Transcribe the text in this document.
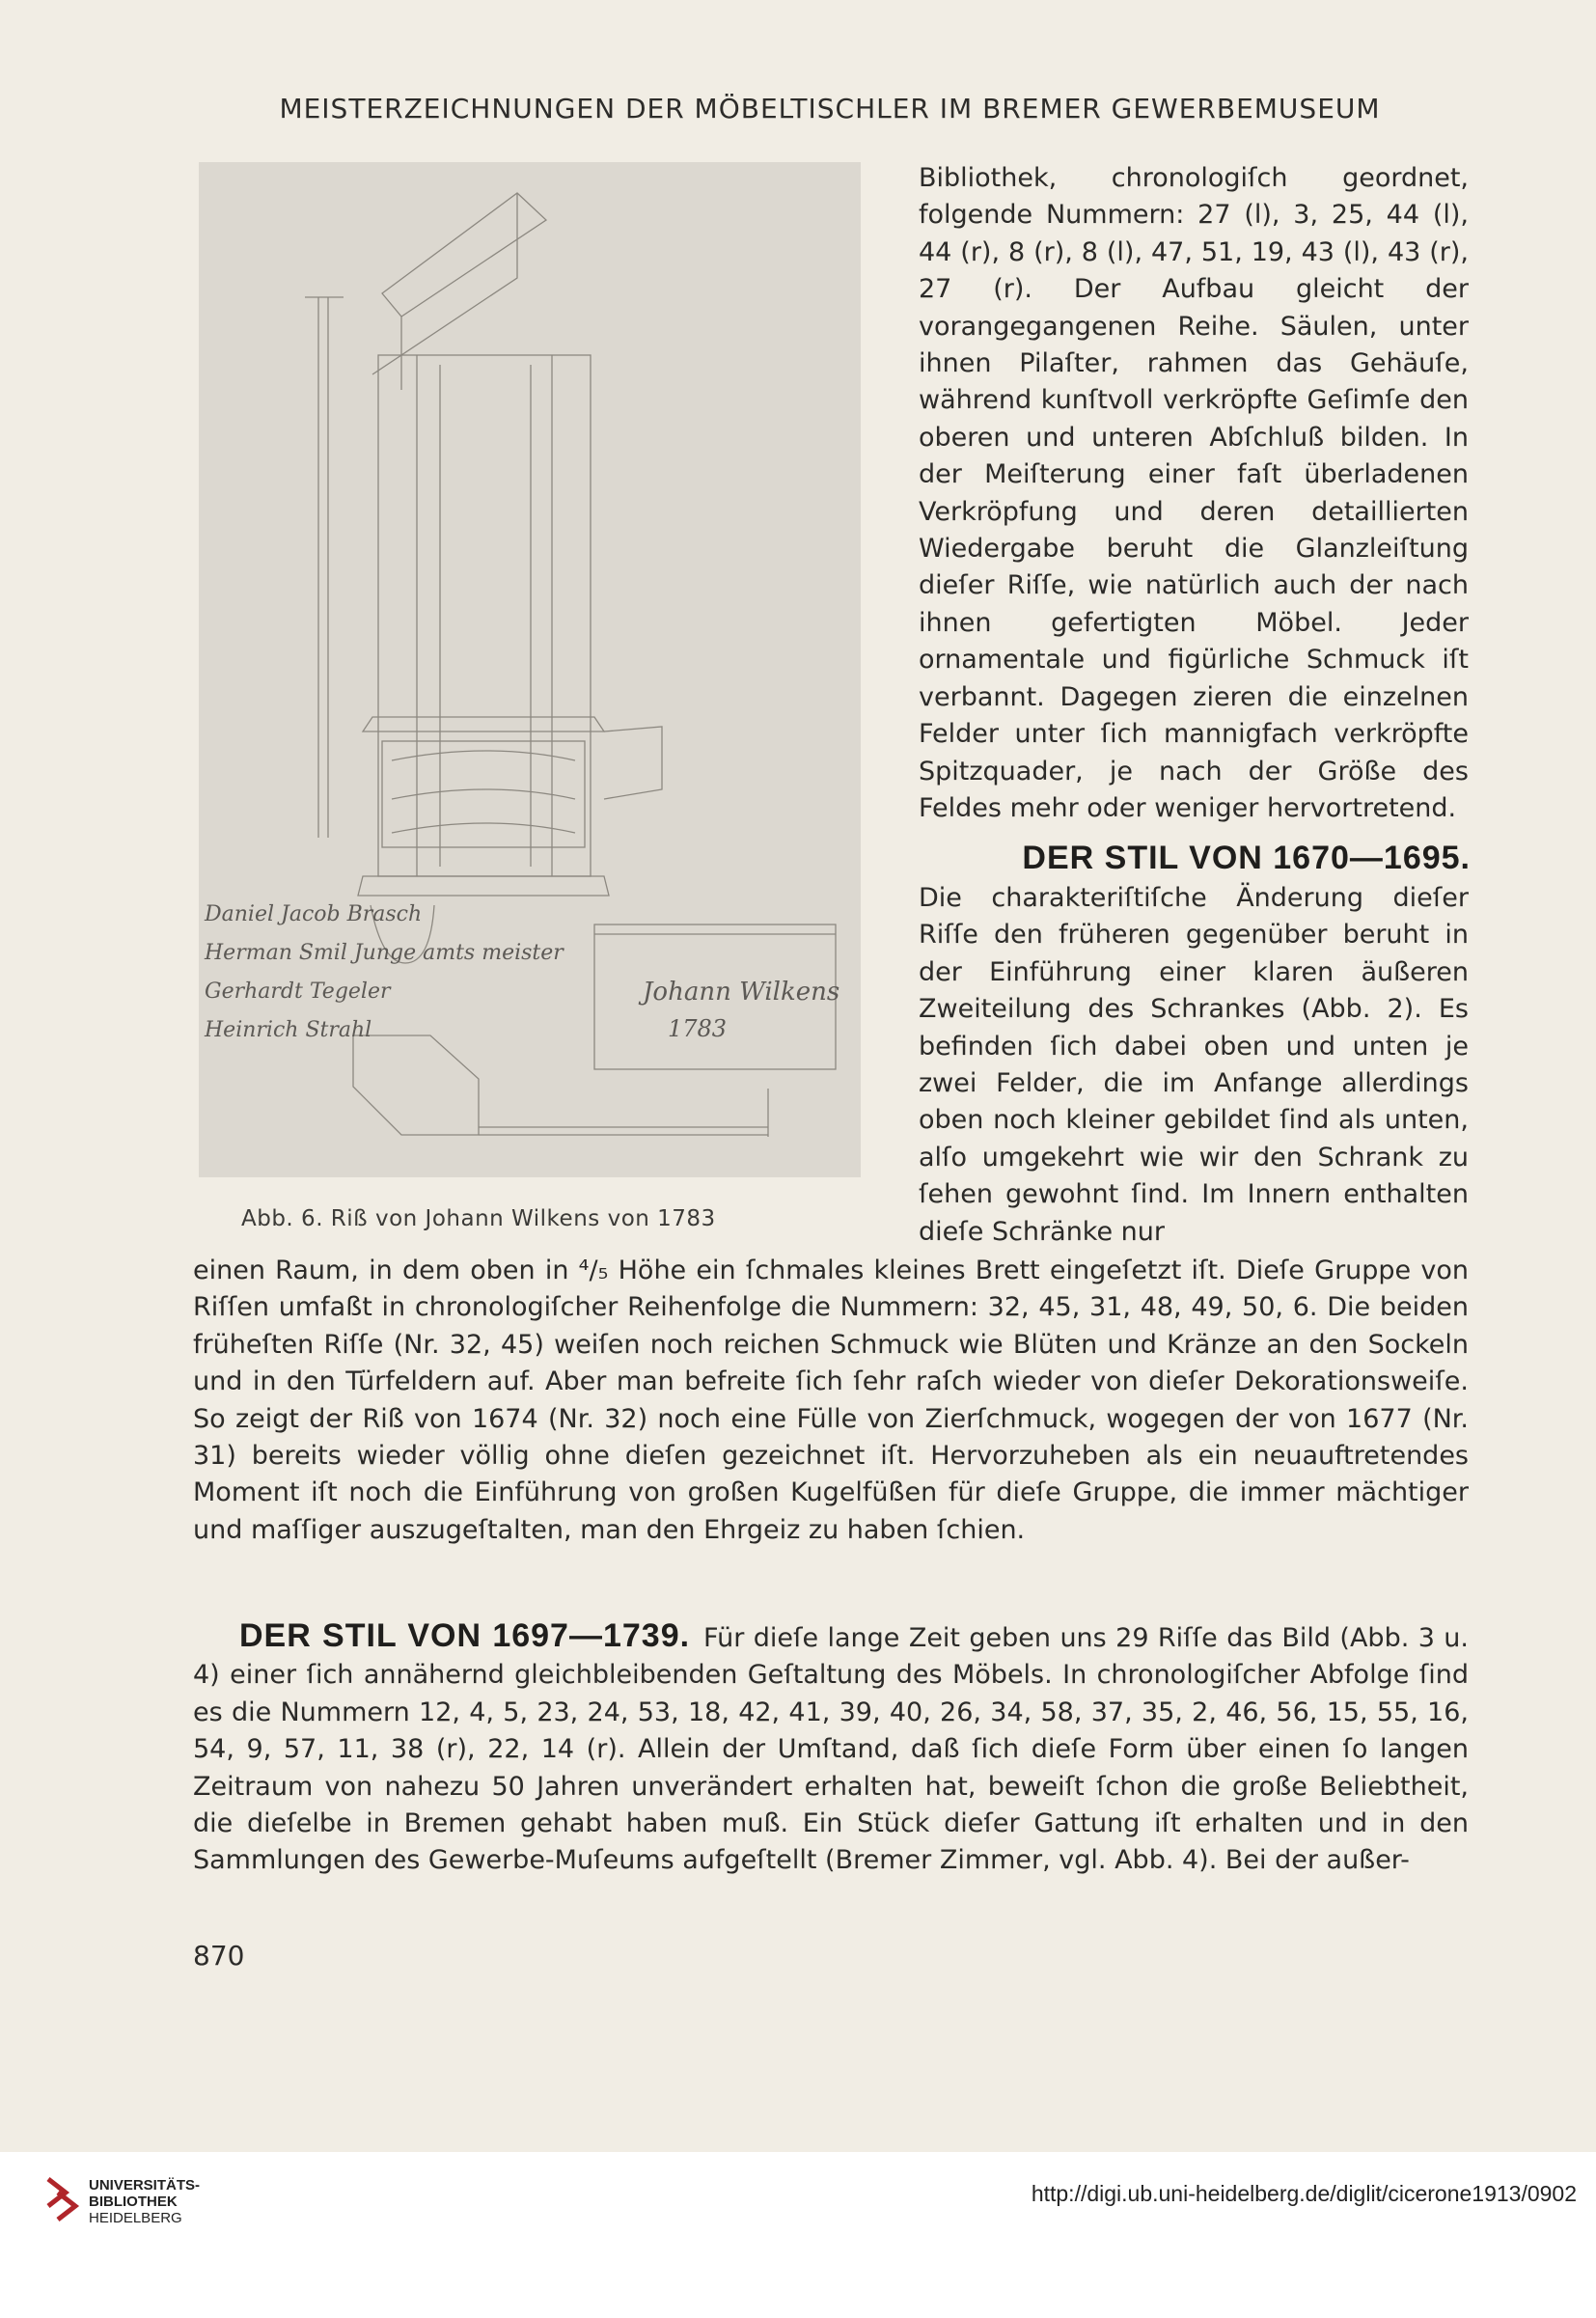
MEISTERZEICHNUNGEN DER MÖBELTISCHLER IM BREMER GEWERBEMUSEUM
Daniel Jacob Brasch
Herman Smil Junge amts meister
Gerhardt Tegeler
Heinrich Strahl
Johann Wilkens
1783
Abb. 6. Riß von Johann Wilkens von 1783

Bibliothek, chronologiſch geordnet, folgende Nummern: 27 (l), 3, 25, 44 (l), 44 (r), 8 (r), 8 (l), 47, 51, 19, 43 (l), 43 (r), 27 (r). Der Aufbau gleicht der vorangegangenen Reihe. Säulen, unter ihnen Pilaſter, rahmen das Gehäuſe, während kunſtvoll verkröpfte Geſimſe den oberen und unteren Abſchluß bilden. In der Meiſterung einer faſt überladenen Verkröpfung und deren detaillierten Wiedergabe beruht die Glanzleiſtung dieſer Riſſe, wie natürlich auch der nach ihnen gefertigten Möbel. Jeder ornamentale und figürliche Schmuck iſt verbannt. Dagegen zieren die einzelnen Felder unter ſich mannigfach verkröpfte Spitzquader, je nach der Größe des Feldes mehr oder weniger hervortretend.

DER STIL VON 1670—1695.

Die charakteriſtiſche Änderung dieſer Riſſe den früheren gegenüber beruht in der Einführung einer klaren äußeren Zweiteilung des Schrankes (Abb. 2). Es befinden ſich dabei oben und unten je zwei Felder, die im Anfange allerdings oben noch kleiner gebildet ſind als unten, alſo umgekehrt wie wir den Schrank zu ſehen gewohnt ſind. Im Innern enthalten dieſe Schränke nur

einen Raum, in dem oben in ⁴/₅ Höhe ein ſchmales kleines Brett eingeſetzt iſt. Dieſe Gruppe von Riſſen umfaßt in chronologiſcher Reihenfolge die Nummern: 32, 45, 31, 48, 49, 50, 6. Die beiden früheſten Riſſe (Nr. 32, 45) weiſen noch reichen Schmuck wie Blüten und Kränze an den Sockeln und in den Türfeldern auf. Aber man befreite ſich ſehr raſch wieder von dieſer Dekorationsweiſe. So zeigt der Riß von 1674 (Nr. 32) noch eine Fülle von Zierſchmuck, wogegen der von 1677 (Nr. 31) bereits wieder völlig ohne dieſen gezeichnet iſt. Hervorzuheben als ein neuauftretendes Moment iſt noch die Einführung von großen Kugelfüßen für dieſe Gruppe, die immer mächtiger und maſſiger auszugeſtalten, man den Ehrgeiz zu haben ſchien.

DER STIL VON 1697—1739. Für dieſe lange Zeit geben uns 29 Riſſe das Bild (Abb. 3 u. 4) einer ſich annähernd gleichbleibenden Geſtaltung des Möbels. In chronologiſcher Abfolge ſind es die Nummern 12, 4, 5, 23, 24, 53, 18, 42, 41, 39, 40, 26, 34, 58, 37, 35, 2, 46, 56, 15, 55, 16, 54, 9, 57, 11, 38 (r), 22, 14 (r). Allein der Umſtand, daß ſich dieſe Form über einen ſo langen Zeitraum von nahezu 50 Jahren unverändert erhalten hat, beweiſt ſchon die große Beliebtheit, die dieſelbe in Bremen gehabt haben muß. Ein Stück dieſer Gattung iſt erhalten und in den Sammlungen des Gewerbe-Muſeums aufgeſtellt (Bremer Zimmer, vgl. Abb. 4). Bei der außer-

870
UNIVERSITÄTS-
BIBLIOTHEK
HEIDELBERG
http://digi.ub.uni-heidelberg.de/diglit/cicerone1913/0902
